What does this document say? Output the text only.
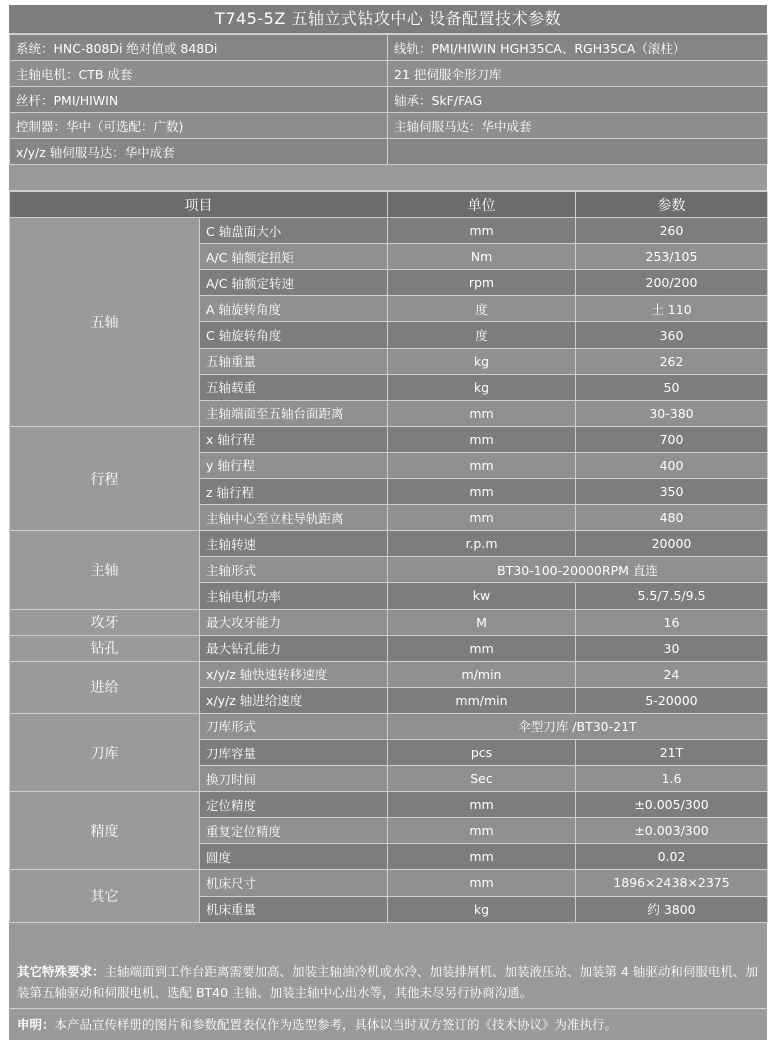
T745-5Z 五轴立式钻攻中心 设备配置技术参数
系统：HNC-808Di 绝对值或 848Di	线轨：PMI/HIWIN HGH35CA、RGH35CA（滚柱）
主轴电机：CTB 成套	21 把伺服伞形刀库
丝杆：PMI/HIWIN	轴承：SkF/FAG
控制器：华中（可选配：广数)	主轴伺服马达：华中成套
x/y/z 轴伺服马达：华中成套	
项目		单位	参数
五轴	C 轴盘面大小	mm	260
	A/C 轴额定扭矩	Nm	253/105
	A/C 轴额定转速	rpm	200/200
	A 轴旋转角度	度	土 110
	C 轴旋转角度	度	360
	五轴重量	kg	262
	五轴载重	kg	50
	主轴端面至五轴台面距离	mm	30-380
行程	x 轴行程	mm	700
	y 轴行程	mm	400
	z 轴行程	mm	350
	主轴中心至立柱导轨距离	mm	480
主轴	主轴转速	r.p.m	20000
	主轴形式	BT30-100-20000RPM 直连	
	主轴电机功率	kw	5.5/7.5/9.5
攻牙	最大攻牙能力	M	16
钻孔	最大钻孔能力	mm	30
进给	x/y/z 轴快速转移速度	m/min	24
	x/y/z 轴进给速度	mm/min	5-20000
刀库	刀库形式	伞型刀库 /BT30-21T	
	刀库容量	pcs	21T
	换刀时间	Sec	1.6
精度	定位精度	mm	±0.005/300
	重复定位精度	mm	±0.003/300
	圆度	mm	0.02
其它	机床尺寸	mm	1896×2438×2375
	机床重量	kg	约 3800
其它特殊要求：主轴端面到工作台距离需要加高、加装主轴油冷机或水冷、加装排屑机、加装液压站、加装第 4 轴驱动和伺服电机、加装第五轴驱动和伺服电机、选配 BT40 主轴、加装主轴中心出水等，其他未尽另行协商沟通。
申明：本产品宣传样册的图片和参数配置表仅作为选型参考，具体以当时双方签订的《技术协议》为准执行。
